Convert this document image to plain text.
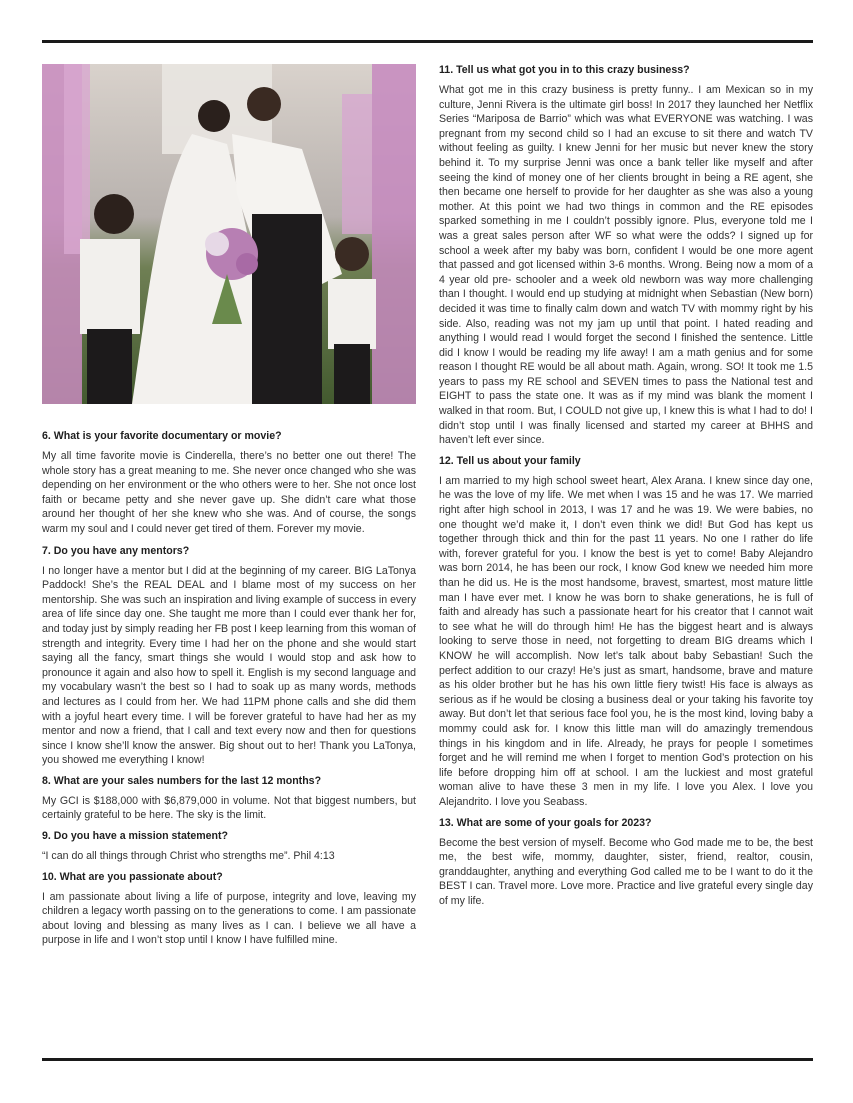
6. What is your favorite documentary or movie?

My all time favorite movie is Cinderella, there’s no better one out there! The whole story has a great meaning to me. She never once changed who she was depending on her environment or the who others were to her. She not once lost faith or became petty and she never gave up. She didn’t care what those around her thought of her she knew who she was. And of course, the songs warm my soul and I could never get tired of them. Forever my movie.

7. Do you have any mentors?

I no longer have a mentor but I did at the beginning of my career. BIG LaTonya Paddock! She’s the REAL DEAL and I blame most of my success on her mentorship. She was such an inspiration and living example of success in every area of life since day one. She taught me more than I could ever thank her for, and today just by simply reading her FB post I keep learning from this woman of strength and integrity. Every time I had her on the phone and she would start saying all the fancy, smart things she would I would stop and ask how to pronounce it again and also how to spell it. English is my second language and my vocabulary wasn’t the best so I had to soak up as many words, methods and lectures as I could from her. We had 11PM phone calls and she did them with a joyful heart every time. I will be forever grateful to have had her as my mentor and now a friend, that I call and text every now and then for questions since I know she’ll know the answer. Big shout out to her! Thank you LaTonya, you showed me everything I know!

8. What are your sales numbers for the last 12 months?

My GCI is $188,000 with $6,879,000 in volume. Not that biggest numbers, but certainly grateful to be here. The sky is the limit.

9. Do you have a mission statement?

“I can do all things through Christ who strengths me”. Phil 4:13

10. What are you passionate about?

I am passionate about living a life of purpose, integrity and love, leaving my children a legacy worth passing on to the generations to come. I am passionate about loving and blessing as many lives as I can. I believe we all have a purpose in life and I won’t stop until I know I have fulfilled mine.

11. Tell us what got you in to this crazy business?

What got me in this crazy business is pretty funny.. I am Mexican so in my culture, Jenni Rivera is the ultimate girl boss! In 2017 they launched her Netflix Series “Mariposa de Barrio” which was what EVERYONE was watching. I was pregnant from my second child so I had an excuse to sit there and watch TV without feeling as guilty. I knew Jenni for her music but never knew the story behind it. To my surprise Jenni was once a bank teller like myself and after seeing the kind of money one of her clients brought in being a RE agent, she then became one herself to provide for her daughter as she was also a young mother. At this point we had two things in common and the RE episodes sparked something in me I couldn’t possibly ignore. Plus, everyone told me I was a great sales person after WF so what were the odds? I signed up for school a week after my baby was born, confident I would be one more agent that passed and got licensed within 3-6 months. Wrong. Being now a mom of a 4 year old pre- schooler and a week old newborn was way more challenging than I thought. I would end up studying at midnight when Sebastian (New born) decided it was time to finally calm down and watch TV with mommy right by his side. Also, reading was not my jam up until that point. I hated reading and anything I would read I would forget the second I finished the sentence. Little did I know I would be reading my life away! I am a math genius and for some reason I thought RE would be all about math. Again, wrong. SO! It took me 1.5 years to pass my RE school and SEVEN times to pass the National test and EIGHT to pass the state one. It was as if my mind was blank the moment I walked in that room. But, I COULD not give up, I knew this is what I had to do! I didn’t stop until I was finally licensed and started my career at BHHS and haven’t left ever since.

12. Tell us about your family

I am married to my high school sweet heart, Alex Arana. I knew since day one, he was the love of my life. We met when I was 15 and he was 17. We married right after high school in 2013, I was 17 and he was 19. We were babies, no one thought we’d make it, I don’t even think we did! But God has kept us together through thick and thin for the past 11 years. No one I rather do life with, forever grateful for you. I know the best is yet to come! Baby Alejandro was born 2014, he has been our rock, I know God knew we needed him more than he did us. He is the most handsome, bravest, smartest, most mature little man I have ever met. I know he was born to shake generations, he is full of faith and already has such a passionate heart for his creator that I cannot wait to see what he will do through him! He has the biggest heart and is always looking to serve those in need, not forgetting to dream BIG dreams which I KNOW he will accomplish. Now let’s talk about baby Sebastian! Such the perfect addition to our crazy! He’s just as smart, handsome, brave and mature as his older brother but he has his own little fiery twist! His face is always as serious as if he would be closing a business deal or your taking his favorite toy away. But don’t let that serious face fool you, he is the most kind, loving baby a mommy could ask for. I know this little man will do amazingly tremendous things in his kingdom and in life. Already, he prays for people I sometimes forget and he will remind me when I forget to mention God’s protection on his life before dropping him off at school. I am the luckiest and most grateful woman alive to have these 3 men in my life. I love you Alex. I love you Alejandrito. I love you Seabass.

13. What are some of your goals for 2023?

Become the best version of myself. Become who God made me to be, the best me, the best wife, mommy, daughter, sister, friend, realtor, cousin, granddaughter, anything and everything God called me to be I want to do it the BEST I can. Travel more. Love more. Practice and live grateful every single day of my life.
